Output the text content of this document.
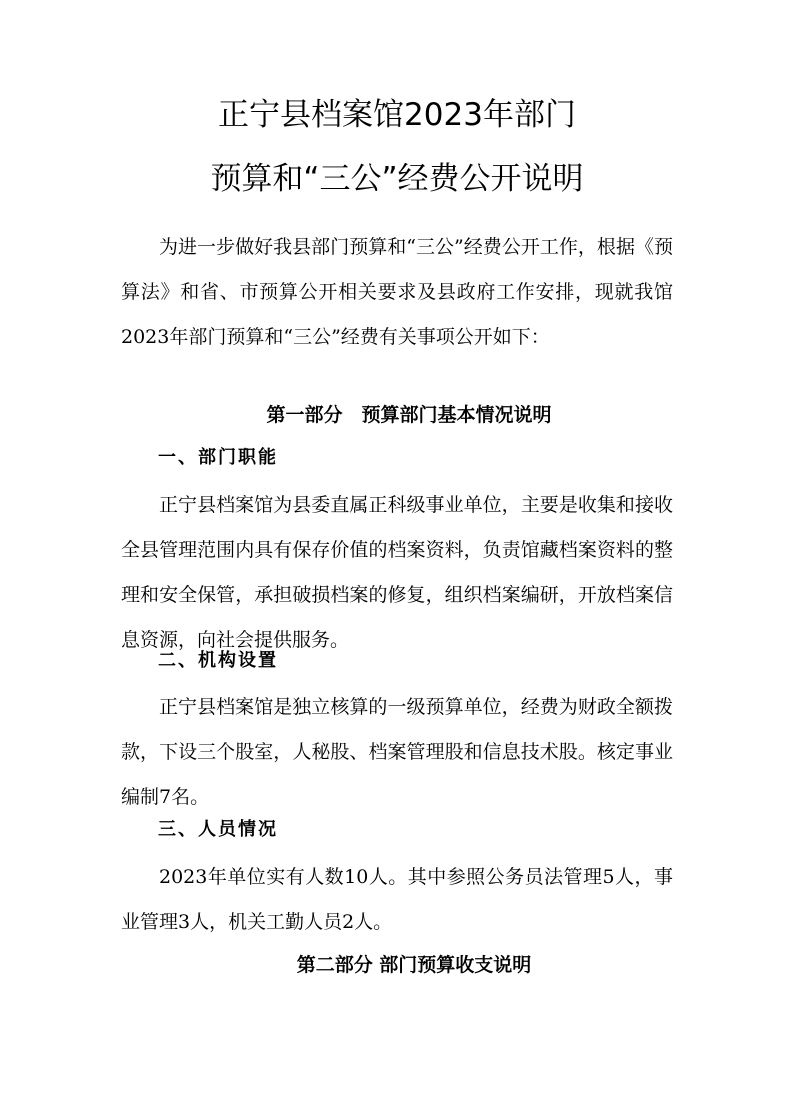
正宁县档案馆2023年部门
预算和“三公”经费公开说明

为进一步做好我县部门预算和“三公”经费公开工作，根据《预算法》和省、市预算公开相关要求及县政府工作安排，现就我馆2023年部门预算和“三公”经费有关事项公开如下：

第一部分　预算部门基本情况说明
一、部门职能

正宁县档案馆为县委直属正科级事业单位，主要是收集和接收全县管理范围内具有保存价值的档案资料，负责馆藏档案资料的整理和安全保管，承担破损档案的修复，组织档案编研，开放档案信息资源，向社会提供服务。

二、机构设置

正宁县档案馆是独立核算的一级预算单位，经费为财政全额拨款，下设三个股室，人秘股、档案管理股和信息技术股。核定事业编制7名。

三、人员情况

2023年单位实有人数10人。其中参照公务员法管理5人，事业管理3人，机关工勤人员2人。

第二部分 部门预算收支说明
